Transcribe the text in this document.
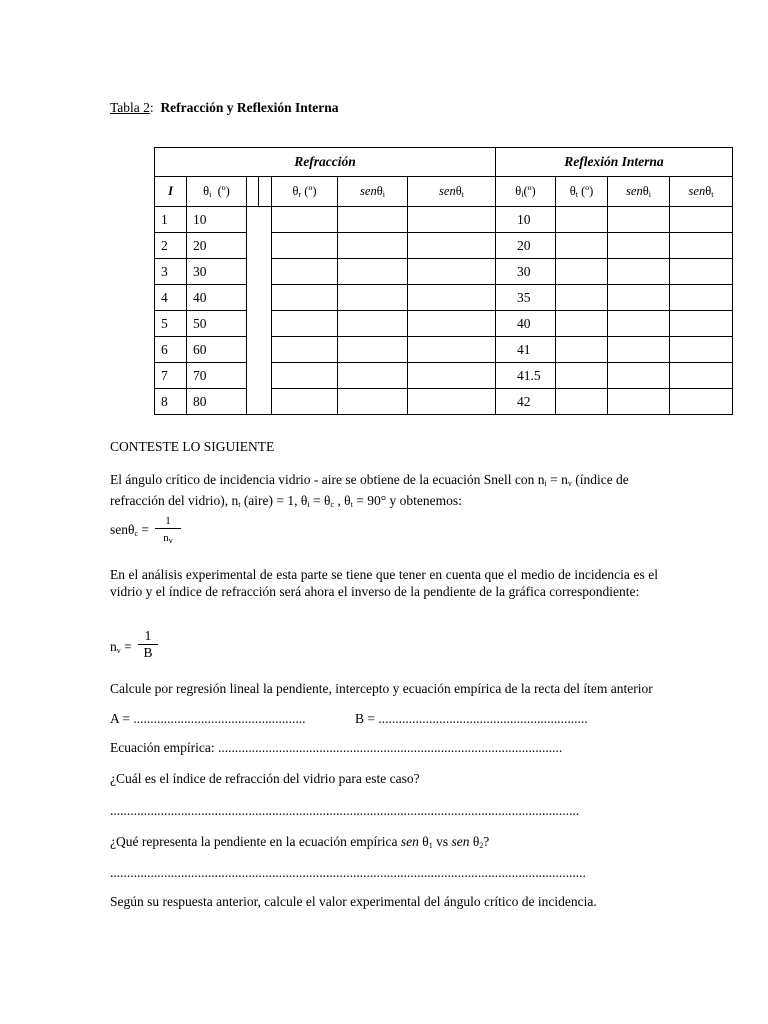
Tabla 2: Refracción y Reflexión Interna
Refracción							Reflexión Interna			
I	$\theta_i$  (º)			$\theta_r$ (º)	senθ$_i$	senθ$_t$	$\theta_i(º)$	$\theta_t$ (º)	senθ$_i$	senθ$_t$
1	10						10			
2	20						20			
3	30						30			
4	40						35			
5	50						40			
6	60						41			
7	70						41.5			
8	80						42			
CONTESTE LO SIGUIENTE
El ángulo crítico de incidencia vidrio - aire se obtiene de la ecuación Snell con $n_i = n_v$ (índice de
refracción del vidrio), $n_t$ (aire) = 1, $\theta_i = \theta_c$ , $\theta_t = 90^\circ$ y obtenemos:
$sen\theta_c = \frac{1}{n_v}$
En el análisis experimental de esta parte se tiene que tener en cuenta que el medio de incidencia es el vidrio y el índice de refracción será ahora el inverso de la pendiente de la gráfica correspondiente:
$n_v = \frac{1}{B}$
Calcule por regresión lineal la pendiente, intercepto y ecuación empírica de la recta del ítem anterior
A = ...................................................	B = ..............................................................
Ecuación empírica: ......................................................................................................
¿Cuál es el índice de refracción del vidrio para este caso?
...........................................................................................................................................
¿Qué representa la pendiente en la ecuación empírica sen $\theta_1$ vs sen $\theta_2$?
.............................................................................................................................................
Según su respuesta anterior, calcule el valor experimental del ángulo crítico de incidencia.
